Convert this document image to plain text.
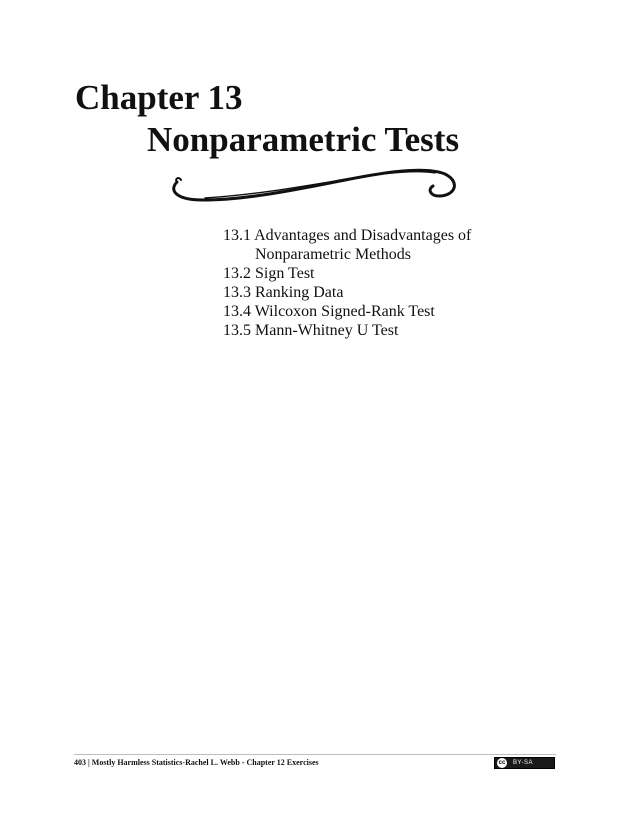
Chapter 13
Nonparametric Tests
13.1 Advantages and Disadvantages of
Nonparametric Methods
13.2 Sign Test
13.3 Ranking Data
13.4 Wilcoxon Signed-Rank Test
13.5 Mann-Whitney U Test
403 | Mostly Harmless Statistics-Rachel L. Webb - Chapter 12 Exercises	cc BY-SA
